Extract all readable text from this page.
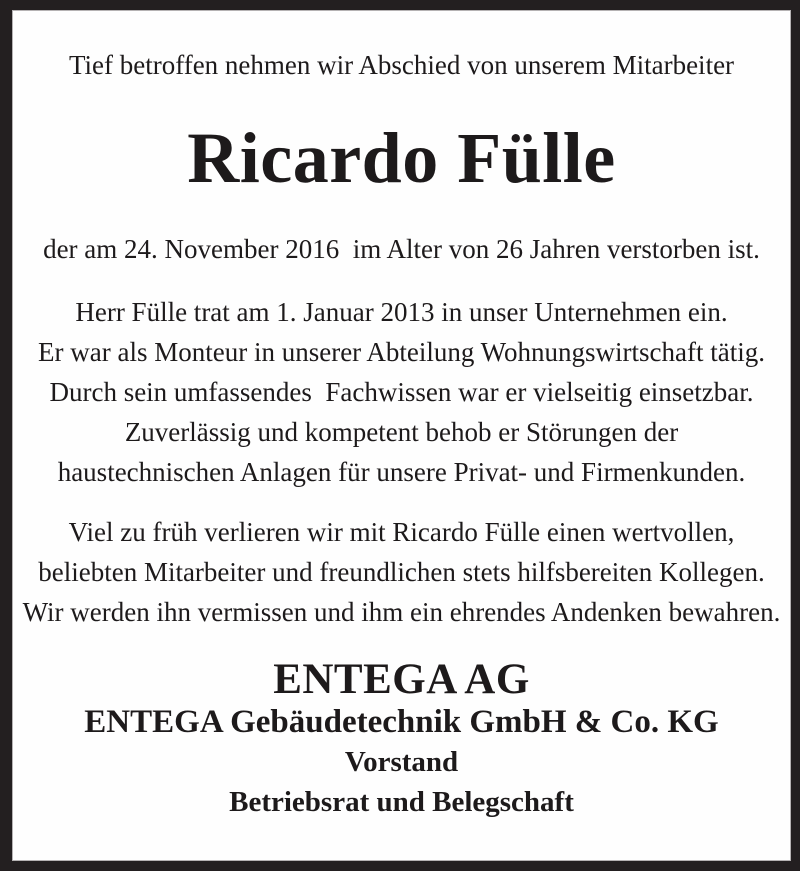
Tief betroffen nehmen wir Abschied von unserem Mitarbeiter

Ricardo Fülle

der am 24. November 2016  im Alter von 26 Jahren verstorben ist.

Herr Fülle trat am 1. Januar 2013 in unser Unternehmen ein.
Er war als Monteur in unserer Abteilung Wohnungswirtschaft tätig.
Durch sein umfassendes  Fachwissen war er vielseitig einsetzbar.
Zuverlässig und kompetent behob er Störungen der
haustechnischen Anlagen für unsere Privat- und Firmenkunden.
Viel zu früh verlieren wir mit Ricardo Fülle einen wertvollen,
beliebten Mitarbeiter und freundlichen stets hilfsbereiten Kollegen.
Wir werden ihn vermissen und ihm ein ehrendes Andenken bewahren.
ENTEGA AG
ENTEGA Gebäudetechnik GmbH & Co. KG
Vorstand
Betriebsrat und Belegschaft
